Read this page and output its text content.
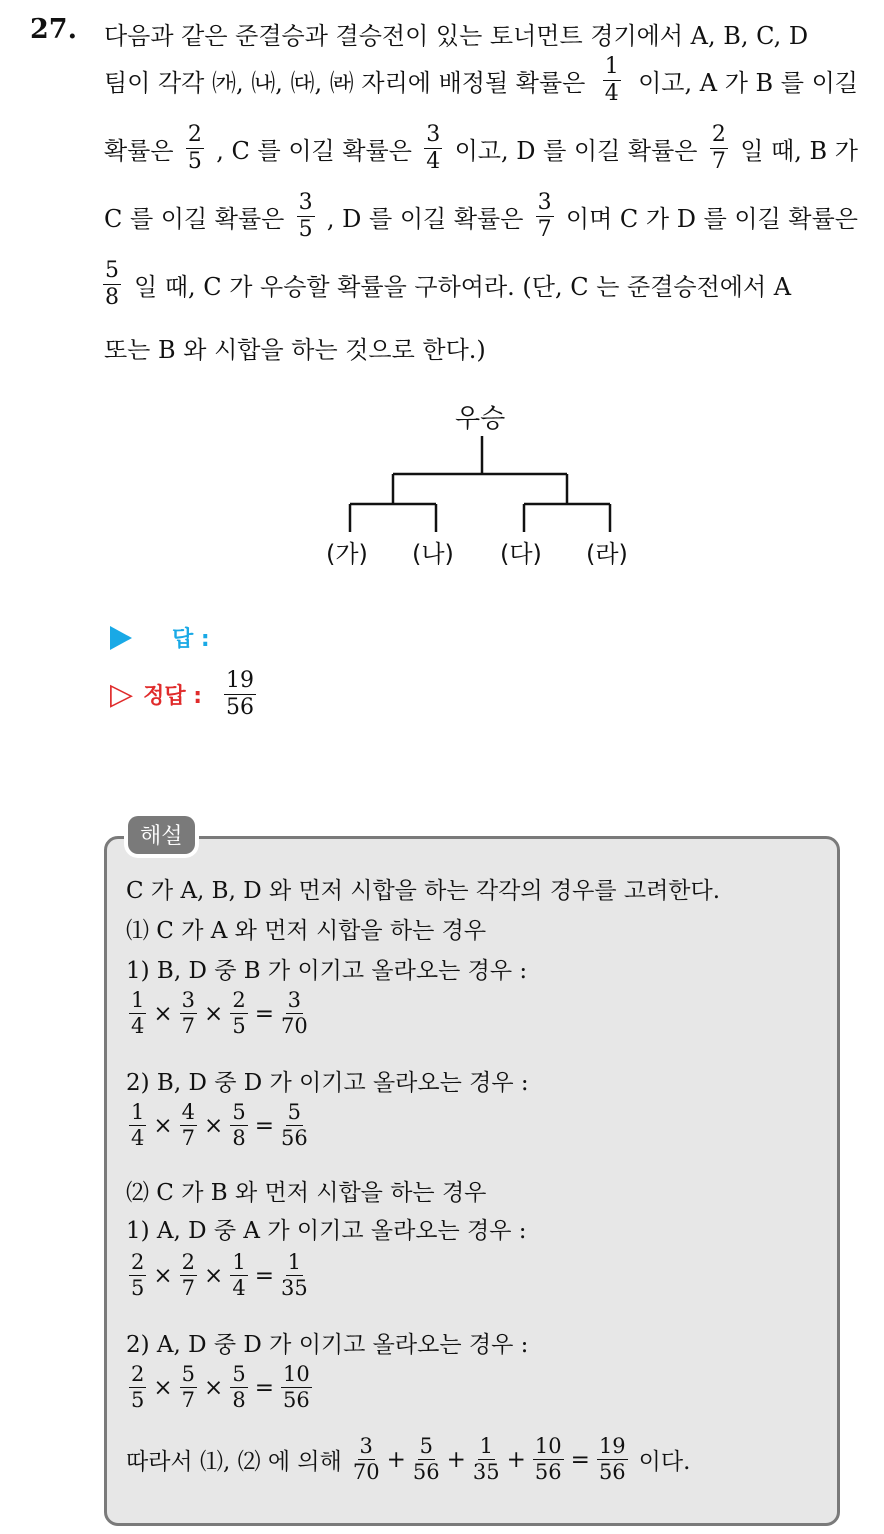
27. 다음과 같은 준결승과 결승전이 있는 토너먼트 경기에서 A, B, C, D
팀이 각각 ㈎, ㈏, ㈐, ㈑ 자리에 배정될 확률은 $\frac{1}{4}$ 이고, A 가 B 를 이길
확률은 $\frac{2}{5}$ , C 를 이길 확률은 $\frac{3}{4}$ 이고, D 를 이길 확률은 $\frac{2}{7}$ 일 때, B 가
C 를 이길 확률은 $\frac{3}{5}$ , D 를 이길 확률은 $\frac{3}{7}$ 이며 C 가 D 를 이길 확률은
$\frac{5}{8}$ 일 때, C 가 우승할 확률을 구하여라. (단, C 는 준결승전에서 A
또는 B 와 시합을 하는 것으로 한다.)
우승
(가) (나) (다) (라)
답 :
▷ 정답 : $\frac{19}{56}$
해설
C 가 A, B, D 와 먼저 시합을 하는 각각의 경우를 고려한다.
⑴ C 가 A 와 먼저 시합을 하는 경우
1) B, D 중 B 가 이기고 올라오는 경우 :
$\frac{1}{4} \times \frac{3}{7} \times \frac{2}{5} = \frac{3}{70}$
2) B, D 중 D 가 이기고 올라오는 경우 :
$\frac{1}{4} \times \frac{4}{7} \times \frac{5}{8} = \frac{5}{56}$
⑵ C 가 B 와 먼저 시합을 하는 경우
1) A, D 중 A 가 이기고 올라오는 경우 :
$\frac{2}{5} \times \frac{2}{7} \times \frac{1}{4} = \frac{1}{35}$
2) A, D 중 D 가 이기고 올라오는 경우 :
$\frac{2}{5} \times \frac{5}{7} \times \frac{5}{8} = \frac{10}{56}$
따라서 ⑴, ⑵ 에 의해 $\frac{3}{70} + \frac{5}{56} + \frac{1}{35} + \frac{10}{56} = \frac{19}{56}$ 이다.
